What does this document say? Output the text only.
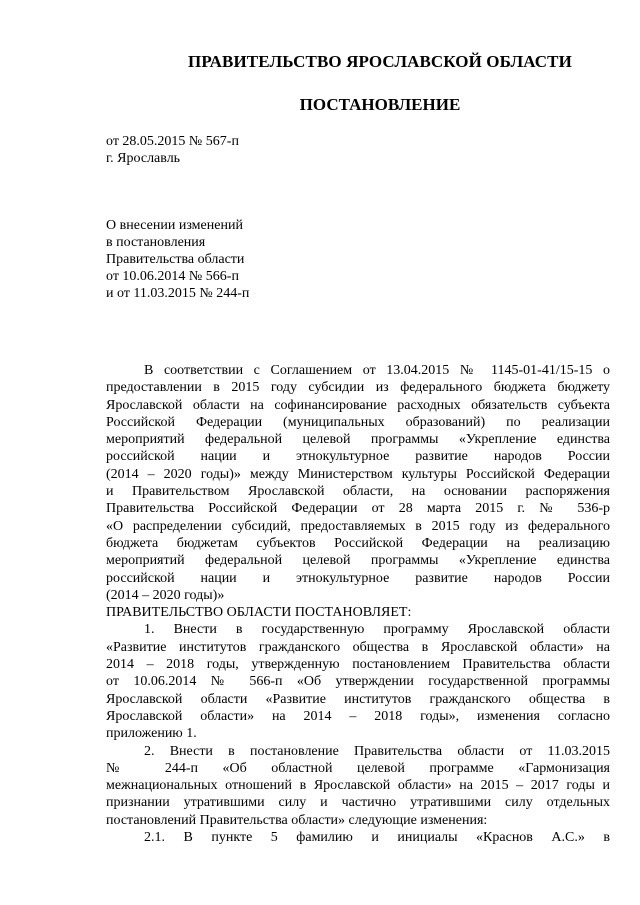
ПРАВИТЕЛЬСТВО ЯРОСЛАВСКОЙ ОБЛАСТИ
ПОСТАНОВЛЕНИЕ
от 28.05.2015 № 567-п
г. Ярославль
О внесении изменений
в постановления
Правительства области
от 10.06.2014 № 566-п
и от 11.03.2015 № 244-п
В соответствии с Соглашением от 13.04.2015 № 1145-01-41/15-15 о
предоставлении в 2015 году субсидии из федерального бюджета бюджету
Ярославской области на софинансирование расходных обязательств субъекта
Российской Федерации (муниципальных образований) по реализации
мероприятий федеральной целевой программы «Укрепление единства
российской нации и этнокультурное развитие народов России
(2014 – 2020 годы)» между Министерством культуры Российской Федерации
и Правительством Ярославской области, на основании распоряжения
Правительства Российской Федерации от 28 марта 2015 г. № 536-р
«О распределении субсидий, предоставляемых в 2015 году из федерального
бюджета бюджетам субъектов Российской Федерации на реализацию
мероприятий федеральной целевой программы «Укрепление единства
российской нации и этнокультурное развитие народов России
(2014 – 2020 годы)»
ПРАВИТЕЛЬСТВО ОБЛАСТИ ПОСТАНОВЛЯЕТ:
1. Внести в государственную программу Ярославской области
«Развитие институтов гражданского общества в Ярославской области» на
2014 – 2018 годы, утвержденную постановлением Правительства области
от 10.06.2014 № 566-п «Об утверждении государственной программы
Ярославской области «Развитие институтов гражданского общества в
Ярославской области» на 2014 – 2018 годы», изменения согласно
приложению 1.
2. Внести в постановление Правительства области от 11.03.2015
№ 244-п «Об областной целевой программе «Гармонизация
межнациональных отношений в Ярославской области» на 2015 – 2017 годы и
признании утратившими силу и частично утратившими силу отдельных
постановлений Правительства области» следующие изменения:
2.1. В пункте 5 фамилию и инициалы «Краснов А.С.» в
